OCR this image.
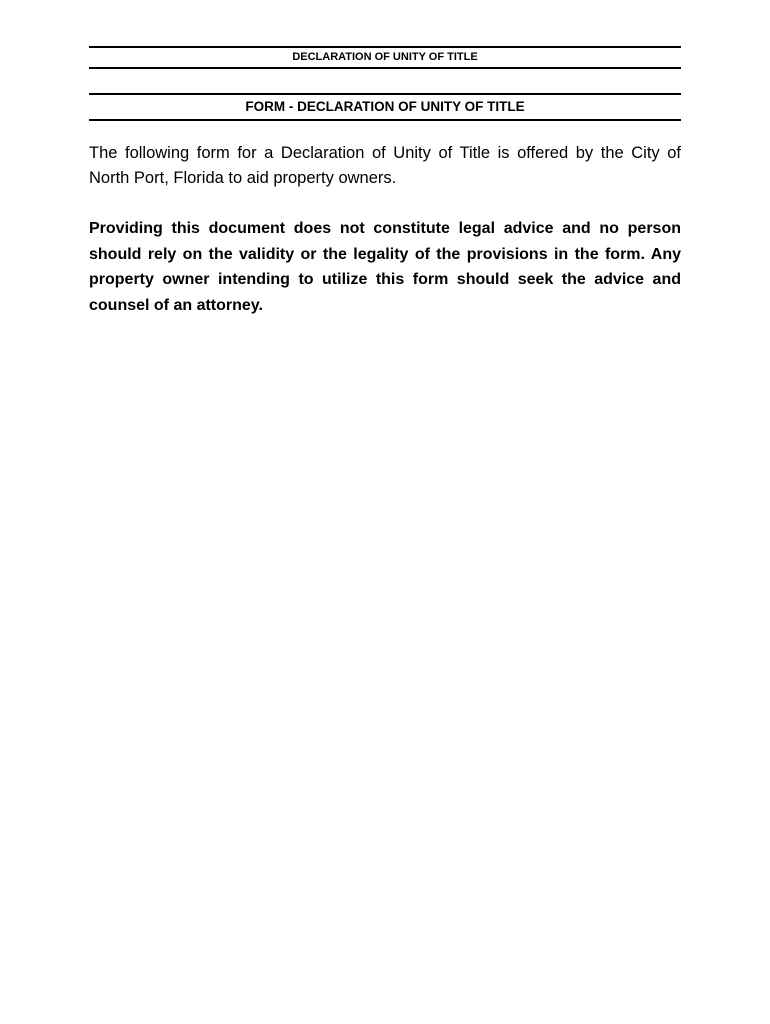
DECLARATION OF UNITY OF TITLE
FORM - DECLARATION OF UNITY OF TITLE

The following form for a Declaration of Unity of Title is offered by the City of North Port, Florida to aid property owners.

Providing this document does not constitute legal advice and no person should rely on the validity or the legality of the provisions in the form. Any property owner intending to utilize this form should seek the advice and counsel of an attorney.
